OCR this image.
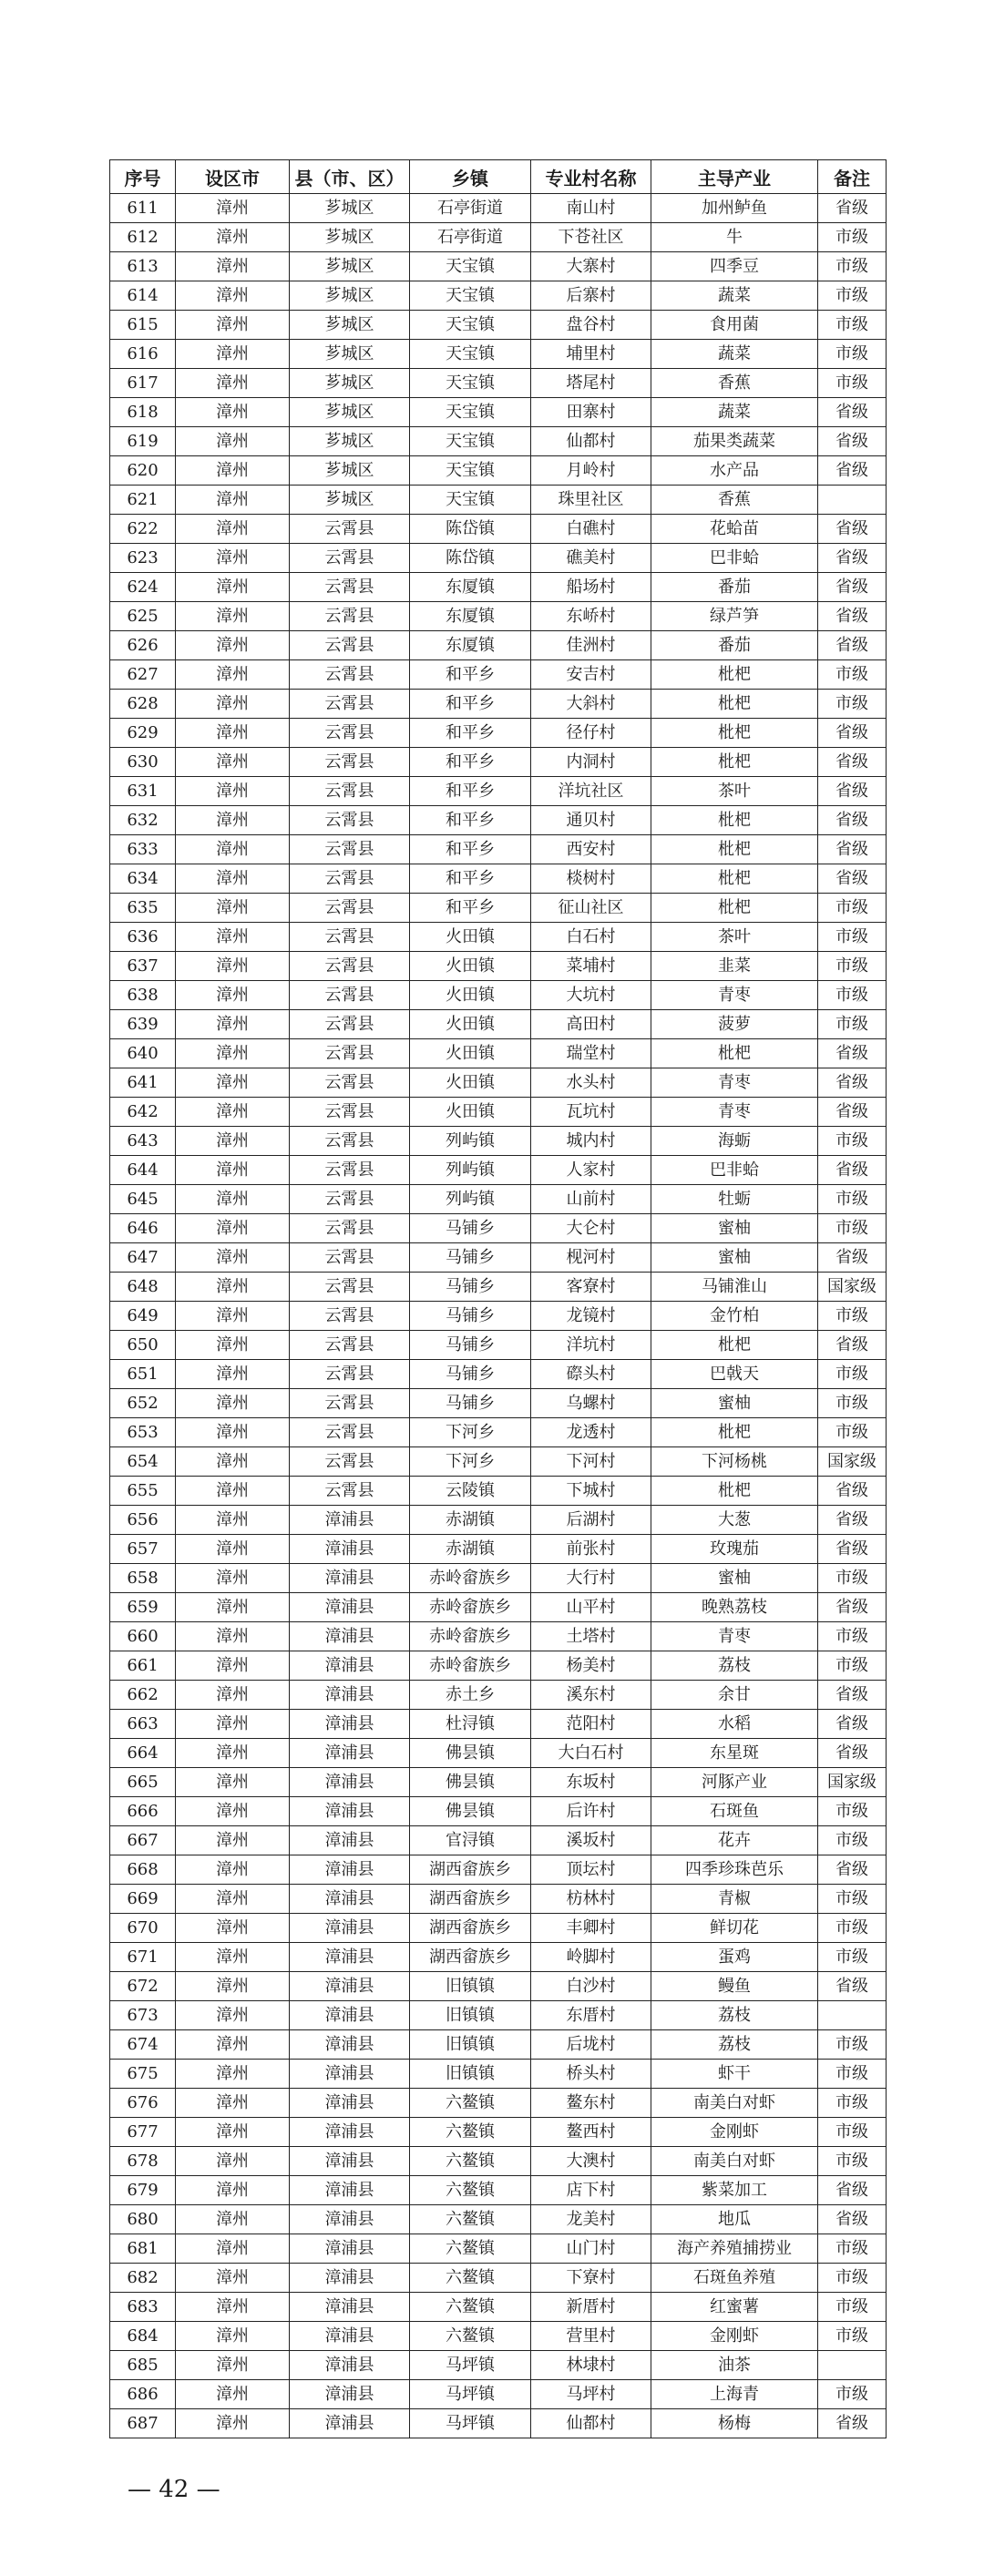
序号	设区市	县（市、区）	乡镇	专业村名称	主导产业	备注
611	漳州	芗城区	石亭街道	南山村	加州鲈鱼	省级
612	漳州	芗城区	石亭街道	下苍社区	牛	市级
613	漳州	芗城区	天宝镇	大寨村	四季豆	市级
614	漳州	芗城区	天宝镇	后寨村	蔬菜	市级
615	漳州	芗城区	天宝镇	盘谷村	食用菌	市级
616	漳州	芗城区	天宝镇	埔里村	蔬菜	市级
617	漳州	芗城区	天宝镇	塔尾村	香蕉	市级
618	漳州	芗城区	天宝镇	田寨村	蔬菜	省级
619	漳州	芗城区	天宝镇	仙都村	茄果类蔬菜	省级
620	漳州	芗城区	天宝镇	月岭村	水产品	省级
621	漳州	芗城区	天宝镇	珠里社区	香蕉	
622	漳州	云霄县	陈岱镇	白礁村	花蛤苗	省级
623	漳州	云霄县	陈岱镇	礁美村	巴非蛤	省级
624	漳州	云霄县	东厦镇	船场村	番茄	省级
625	漳州	云霄县	东厦镇	东峤村	绿芦笋	省级
626	漳州	云霄县	东厦镇	佳洲村	番茄	省级
627	漳州	云霄县	和平乡	安吉村	枇杷	市级
628	漳州	云霄县	和平乡	大斜村	枇杷	市级
629	漳州	云霄县	和平乡	径仔村	枇杷	省级
630	漳州	云霄县	和平乡	内洞村	枇杷	省级
631	漳州	云霄县	和平乡	洋坑社区	茶叶	省级
632	漳州	云霄县	和平乡	通贝村	枇杷	省级
633	漳州	云霄县	和平乡	西安村	枇杷	省级
634	漳州	云霄县	和平乡	棪树村	枇杷	省级
635	漳州	云霄县	和平乡	征山社区	枇杷	市级
636	漳州	云霄县	火田镇	白石村	茶叶	市级
637	漳州	云霄县	火田镇	菜埔村	韭菜	市级
638	漳州	云霄县	火田镇	大坑村	青枣	市级
639	漳州	云霄县	火田镇	高田村	菠萝	市级
640	漳州	云霄县	火田镇	瑞堂村	枇杷	省级
641	漳州	云霄县	火田镇	水头村	青枣	省级
642	漳州	云霄县	火田镇	瓦坑村	青枣	省级
643	漳州	云霄县	列屿镇	城内村	海蛎	市级
644	漳州	云霄县	列屿镇	人家村	巴非蛤	省级
645	漳州	云霄县	列屿镇	山前村	牡蛎	市级
646	漳州	云霄县	马铺乡	大仑村	蜜柚	市级
647	漳州	云霄县	马铺乡	枧河村	蜜柚	省级
648	漳州	云霄县	马铺乡	客寮村	马铺淮山	国家级
649	漳州	云霄县	马铺乡	龙镜村	金竹柏	市级
650	漳州	云霄县	马铺乡	洋坑村	枇杷	省级
651	漳州	云霄县	马铺乡	磜头村	巴戟天	市级
652	漳州	云霄县	马铺乡	乌螺村	蜜柚	市级
653	漳州	云霄县	下河乡	龙透村	枇杷	市级
654	漳州	云霄县	下河乡	下河村	下河杨桃	国家级
655	漳州	云霄县	云陵镇	下城村	枇杷	省级
656	漳州	漳浦县	赤湖镇	后湖村	大葱	省级
657	漳州	漳浦县	赤湖镇	前张村	玫瑰茄	省级
658	漳州	漳浦县	赤岭畲族乡	大行村	蜜柚	市级
659	漳州	漳浦县	赤岭畲族乡	山平村	晚熟荔枝	省级
660	漳州	漳浦县	赤岭畲族乡	土塔村	青枣	市级
661	漳州	漳浦县	赤岭畲族乡	杨美村	荔枝	市级
662	漳州	漳浦县	赤土乡	溪东村	余甘	省级
663	漳州	漳浦县	杜浔镇	范阳村	水稻	省级
664	漳州	漳浦县	佛昙镇	大白石村	东星斑	省级
665	漳州	漳浦县	佛昙镇	东坂村	河豚产业	国家级
666	漳州	漳浦县	佛昙镇	后许村	石斑鱼	市级
667	漳州	漳浦县	官浔镇	溪坂村	花卉	市级
668	漳州	漳浦县	湖西畲族乡	顶坛村	四季珍珠芭乐	省级
669	漳州	漳浦县	湖西畲族乡	枋林村	青椒	市级
670	漳州	漳浦县	湖西畲族乡	丰卿村	鲜切花	市级
671	漳州	漳浦县	湖西畲族乡	岭脚村	蛋鸡	市级
672	漳州	漳浦县	旧镇镇	白沙村	鳗鱼	省级
673	漳州	漳浦县	旧镇镇	东厝村	荔枝	
674	漳州	漳浦县	旧镇镇	后垅村	荔枝	市级
675	漳州	漳浦县	旧镇镇	桥头村	虾干	市级
676	漳州	漳浦县	六鳌镇	鳌东村	南美白对虾	市级
677	漳州	漳浦县	六鳌镇	鳌西村	金刚虾	市级
678	漳州	漳浦县	六鳌镇	大澳村	南美白对虾	市级
679	漳州	漳浦县	六鳌镇	店下村	紫菜加工	省级
680	漳州	漳浦县	六鳌镇	龙美村	地瓜	省级
681	漳州	漳浦县	六鳌镇	山门村	海产养殖捕捞业	市级
682	漳州	漳浦县	六鳌镇	下寮村	石斑鱼养殖	市级
683	漳州	漳浦县	六鳌镇	新厝村	红蜜薯	市级
684	漳州	漳浦县	六鳌镇	营里村	金刚虾	市级
685	漳州	漳浦县	马坪镇	林埭村	油茶	
686	漳州	漳浦县	马坪镇	马坪村	上海青	市级
687	漳州	漳浦县	马坪镇	仙都村	杨梅	省级
— 42 —
